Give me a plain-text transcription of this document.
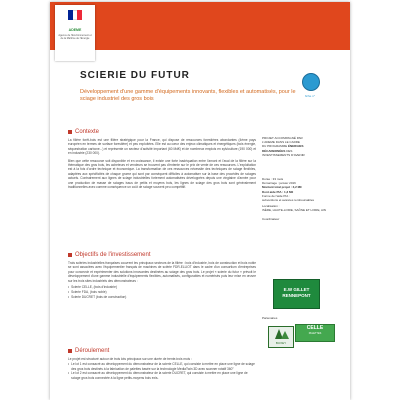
ADEME
Agence de l'Environnement et de la Maîtrise de l'Energie
SCIERIE DU FUTUR
Développement d'une gamme d'équipements innovants, flexibles et automatisés, pour le sciage industriel des gros bois	fiche n°
Contexte
La filière forêt-bois est une filière stratégique pour la France, qui dispose de ressources forestières abondantes (4ème pays européen en termes de surface forestière) et peu exploitées. Elle est au cœur des enjeux climatiques et énergétiques (bois énergie, séquestration carbone...) et représente un secteur d'activité important (60 Md€) et de nombreux emplois en sylviculture (190 000) et en industrie (230 000).
Bien que cette ressource soit disponible et en croissance, il existe une forte inadéquation entre l'amont et l'aval de la filière sur la thématique des gros bois, les acheteurs et vendeurs se trouvent pas d'entente sur le prix de vente de ces ressources. L'exploitation est à la fois d'ordre technique et économique. La transformation de ces ressources nécessite des techniques de sciage flexibles, adaptées aux spécificités de chaque grume qui sont par conséquent difficiles à automatiser sur la base des procédés de sciages actuels. Contrairement aux lignes de sciage industrielles fortement automatisées développées depuis une vingtaine d'année pour une production de masse de sciages issus de petits et moyens bois, les lignes de sciage des gros bois sont généralement traditionnelles avec comme conséquence un coût de sciage souvent peu compétitif.
Objectifs de l'investissement
Trois sciéries industrielles françaises couvrent les principaux secteurs de la filière : bois d'industrie, bois de construction et bois noble se sont associées avec l'équipementier français de machines de sciérie FDR-ELLIOT dans le cadre d'un consortium d'entreprises pour concevoir et expérimenter des solutions innovantes destinées au sciage des gros bois. Le projet « scierie du futur » prévoit le développement d'une gamme industrielle d'équipements flexibles, automatisés, configurables et numérisés puis leur mise en œuvre sur les trois sites industriels des démonstrateurs :
• Scierie CELLE, (bois d'industrie)
• Scierie FDA, (bois noble)
• Scierie DUCRET (bois de construction)
Déroulement
Le projet est structuré autour de trois lots principaux sur une durée de trente-trois mois :
• Le lot 1 est consacré au développement du démonstrateur de la scierie CELLE, qui consiste à mettre en place une ligne de sciage des gros bois destinés à la fabrication de palettes basée sur la technologie MediaTwin 3D avec scanner rotatif 360°
• Le lot 2 est consacré au développement du démonstrateur de la scierie DUCRET, qui consiste à mettre en place une ligne de sciage gros bois connectée à la ligne petits-moyens bois exis-
PROJET ACCOMPAGNÉ PAR
L'ADEME DANS LE CADRE
DU PROGRAMME ÉNERGIES
DÉCARBONÉES DES
INVESTISSEMENTS D'AVENIR
Durée : 33 mois
Démarrage : janvier 2016
Montant total projet : 3,2 M€
Dont aide PIA : 1,3 M€
Forme de l'aide PIA :
subventions et avances remboursables
Localisation :
ISÈRE, HAUTE-LOIRE, SAÔNE ET LOIRE, AIN
Coordinateur
E.W GILLET
RENNEPONT
Partenaires
BUXEY
CELLE
PALETTES
